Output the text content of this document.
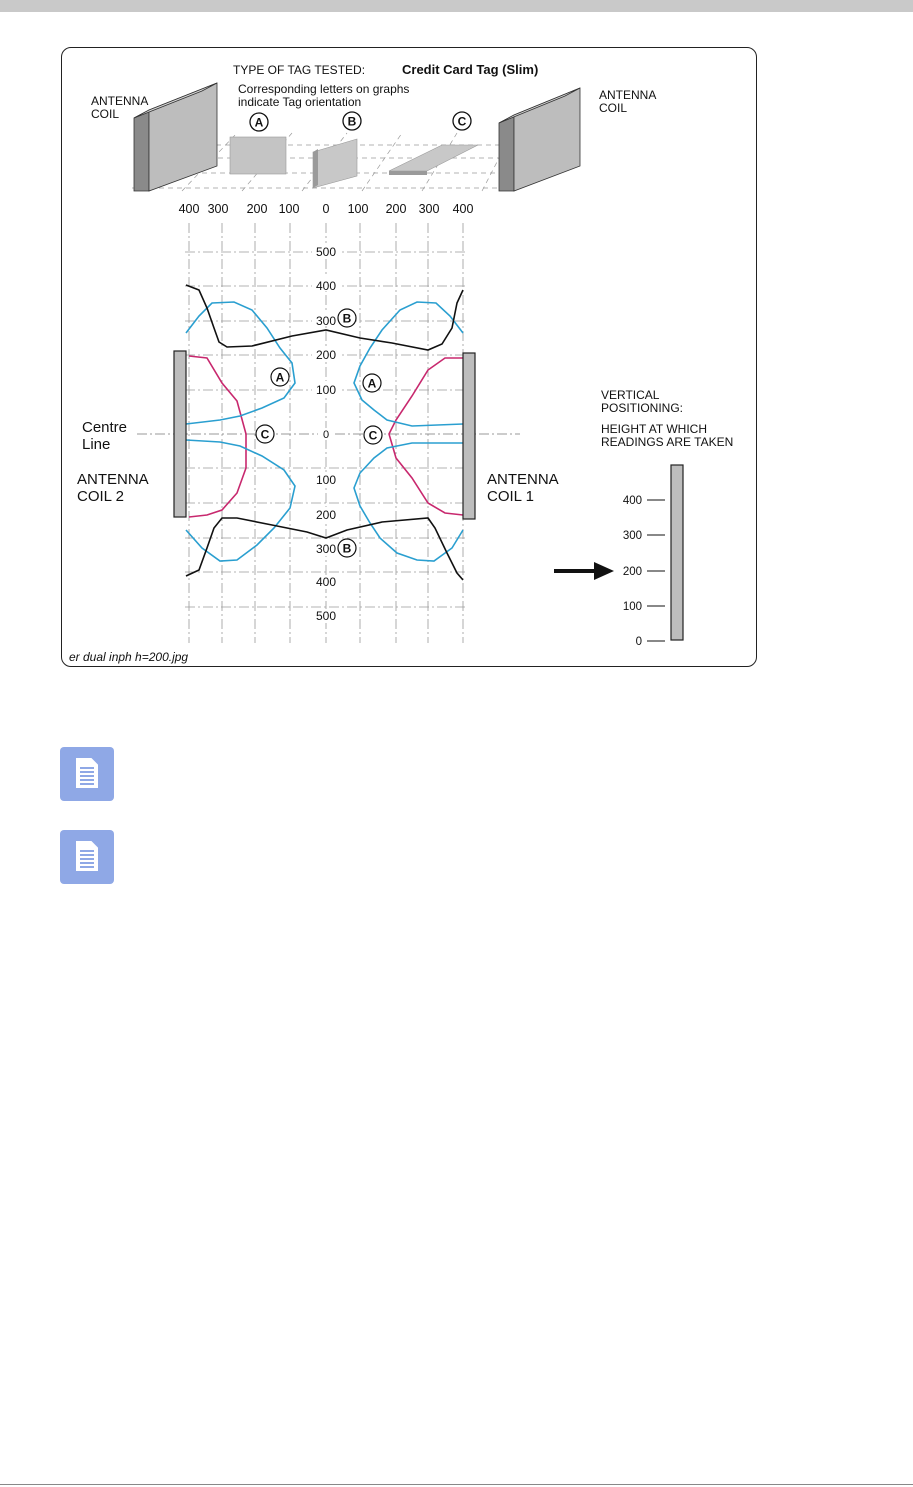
TYPE OF TAG TESTED:	Credit Card Tag (Slim)
Corresponding letters on graphs
indicate Tag orientation
ANTENNA
COIL
ANTENNA
COIL
A	B	C
400 300 200 100 0 100 200 300 400
500
400
300
200
100
0
100
200
300
400
500
B
B
A	A
C	C
Centre
Line
ANTENNA
COIL 2
ANTENNA
COIL 1
VERTICAL
POSITIONING:
HEIGHT AT WHICH
READINGS ARE TAKEN
400
300
200
100
0
er dual inph h=200.jpg
